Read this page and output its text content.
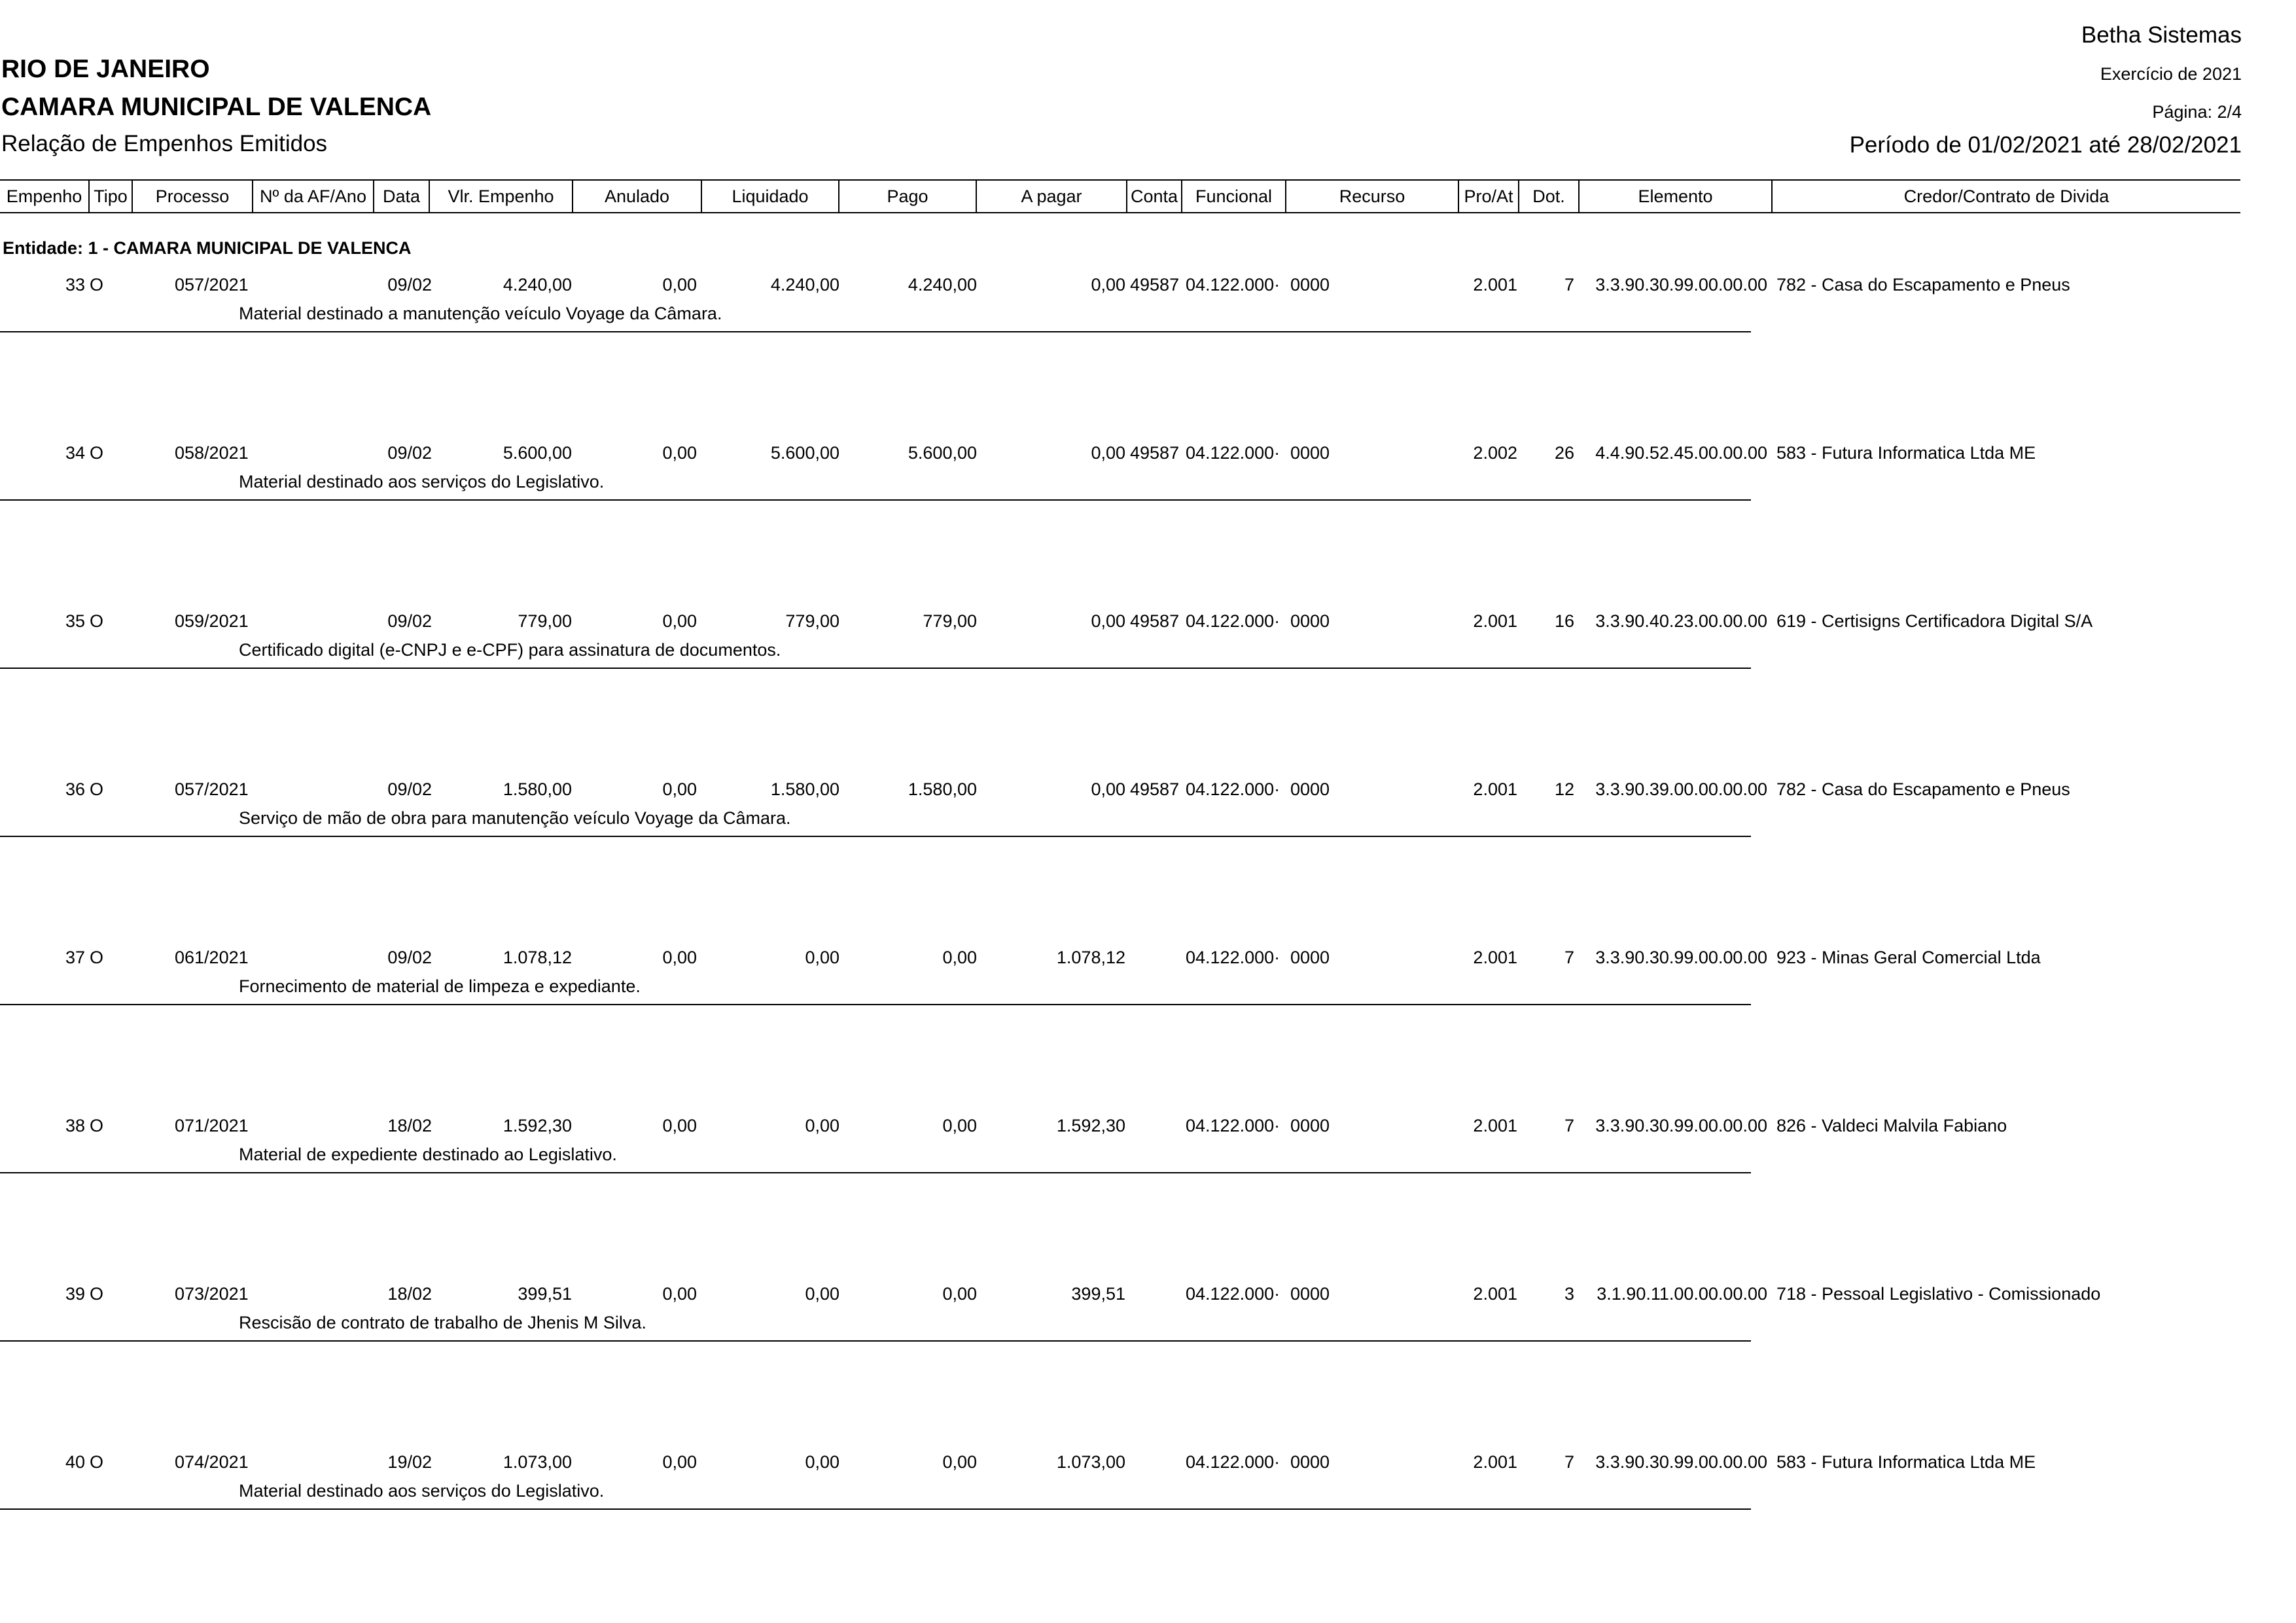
RIO DE JANEIRO
CAMARA MUNICIPAL DE VALENCA
Relação de Empenhos Emitidos
Betha Sistemas
Exercício de 2021
Página: 2/4
Período de 01/02/2021 até 28/02/2021
Empenho Tipo	Processo	Nº da AF/Ano Data	Vlr. Empenho	Anulado	Liquidado	Pago	A pagar	Conta Funcional	Recurso	Pro/At	Dot.	Elemento	Credor/Contrato de Divida
Entidade: 1 - CAMARA MUNICIPAL DE VALENCA
33 O	057/2021	09/02	4.240,00	0,00	4.240,00	4.240,00	0,00 49587 04.122.000· 0000	2.001	7	3.3.90.30.99.00.00.00 782 - Casa do Escapamento e Pneus
Material destinado a manutenção veículo Voyage da Câmara.
34 O	058/2021	09/02	5.600,00	0,00	5.600,00	5.600,00	0,00 49587 04.122.000· 0000	2.002	26	4.4.90.52.45.00.00.00 583 - Futura Informatica Ltda ME
Material destinado aos serviços do Legislativo.
35 O	059/2021	09/02	779,00	0,00	779,00	779,00	0,00 49587 04.122.000· 0000	2.001	16	3.3.90.40.23.00.00.00 619 - Certisigns Certificadora Digital S/A
Certificado digital (e-CNPJ e e-CPF) para assinatura de documentos.
36 O	057/2021	09/02	1.580,00	0,00	1.580,00	1.580,00	0,00 49587 04.122.000· 0000	2.001	12	3.3.90.39.00.00.00.00 782 - Casa do Escapamento e Pneus
Serviço de mão de obra para manutenção veículo Voyage da Câmara.
37 O	061/2021	09/02	1.078,12	0,00	0,00	0,00	1.078,12	04.122.000· 0000	2.001	7	3.3.90.30.99.00.00.00 923 - Minas Geral Comercial Ltda
Fornecimento de material de limpeza e expediante.
38 O	071/2021	18/02	1.592,30	0,00	0,00	0,00	1.592,30	04.122.000· 0000	2.001	7	3.3.90.30.99.00.00.00 826 - Valdeci Malvila Fabiano
Material de expediente destinado ao Legislativo.
39 O	073/2021	18/02	399,51	0,00	0,00	0,00	399,51	04.122.000· 0000	2.001	3	3.1.90.11.00.00.00.00 718 - Pessoal Legislativo - Comissionado
Rescisão de contrato de trabalho de Jhenis M Silva.
40 O	074/2021	19/02	1.073,00	0,00	0,00	0,00	1.073,00	04.122.000· 0000	2.001	7	3.3.90.30.99.00.00.00 583 - Futura Informatica Ltda ME
Material destinado aos serviços do Legislativo.
